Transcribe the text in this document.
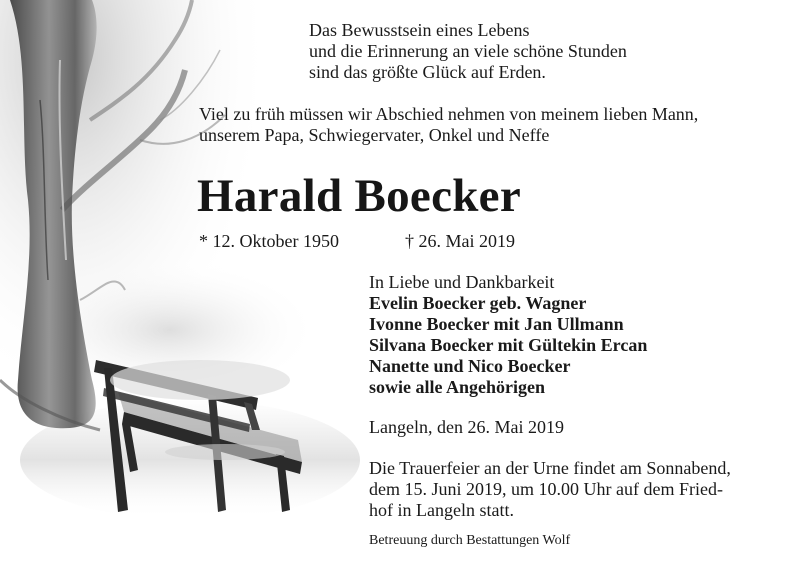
Das Bewusstsein eines Lebens
und die Erinnerung an viele schöne Stunden
sind das größte Glück auf Erden.
Viel zu früh müssen wir Abschied nehmen von meinem lieben Mann,
unserem Papa, Schwiegervater, Onkel und Neffe
Harald Boecker
* 12. Oktober 1950	† 26. Mai 2019
In Liebe und Dankbarkeit
Evelin Boecker geb. Wagner
Ivonne Boecker mit Jan Ullmann
Silvana Boecker mit Gültekin Ercan
Nanette und Nico Boecker
sowie alle Angehörigen
Langeln, den 26. Mai 2019
Die Trauerfeier an der Urne findet am Sonnabend,
dem 15. Juni 2019, um 10.00 Uhr auf dem Fried-
hof in Langeln statt.
Betreuung durch Bestattungen Wolf
